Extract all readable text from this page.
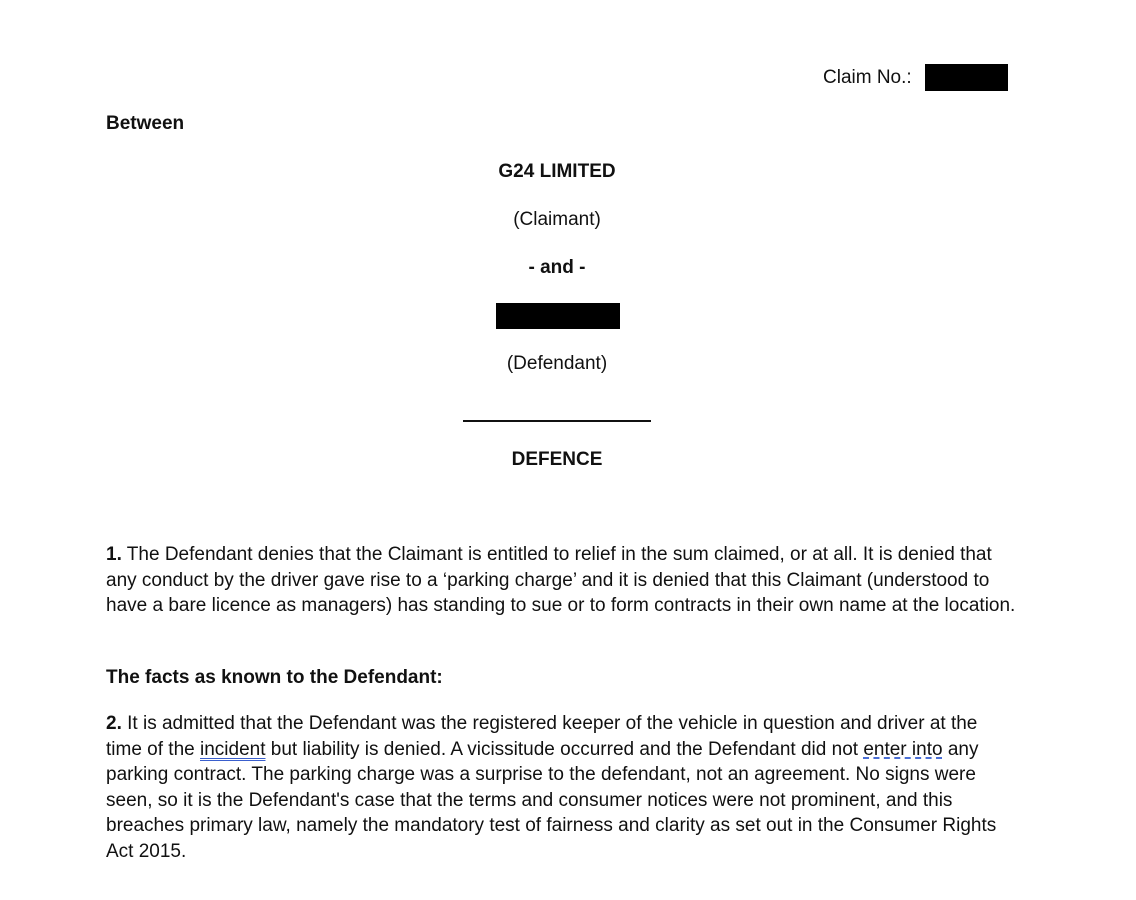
Claim No.:
Between
G24 LIMITED
(Claimant)
- and -
(Defendant)
DEFENCE

1. The Defendant denies that the Claimant is entitled to relief in the sum claimed, or at all. It is denied that any conduct by the driver gave rise to a ‘parking charge’ and it is denied that this Claimant (understood to have a bare licence as managers) has standing to sue or to form contracts in their own name at the location.

The facts as known to the Defendant:

2. It is admitted that the Defendant was the registered keeper of the vehicle in question and driver at the time of the incident but liability is denied. A vicissitude occurred and the Defendant did not enter into any parking contract. The parking charge was a surprise to the defendant, not an agreement. No signs were seen, so it is the Defendant's case that the terms and consumer notices were not prominent, and this breaches primary law, namely the mandatory test of fairness and clarity as set out in the Consumer Rights Act 2015.
